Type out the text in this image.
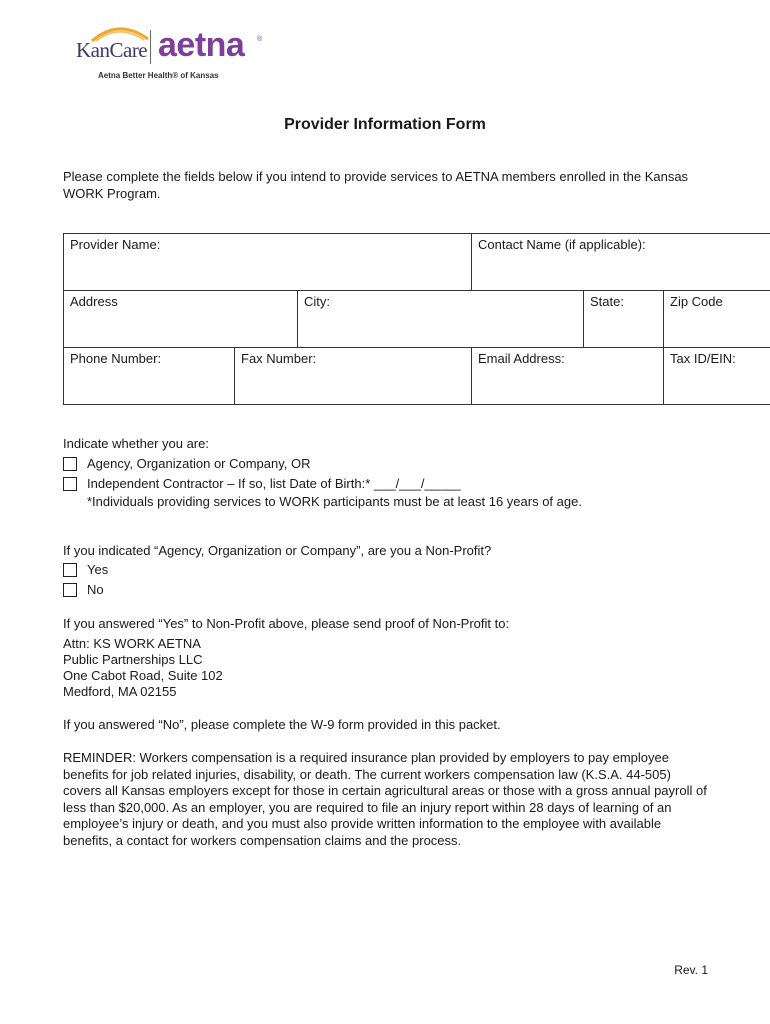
KanCare aetna ®
Aetna Better Health® of Kansas
Provider Information Form
Please complete the fields below if you intend to provide services to AETNA members enrolled in the Kansas WORK Program.
Provider Name:			Contact Name (if applicable):		
Address		City:		State:	Zip Code
Phone Number:	Fax Number:		Email Address:		Tax ID/EIN:
Indicate whether you are:
Agency, Organization or Company, OR
Independent Contractor – If so, list Date of Birth:* ___/___/_____
*Individuals providing services to WORK participants must be at least 16 years of age.
If you indicated “Agency, Organization or Company”, are you a Non-Profit?
Yes
No
If you answered “Yes” to Non-Profit above, please send proof of Non-Profit to:
Attn: KS WORK AETNA
Public Partnerships LLC
One Cabot Road, Suite 102
Medford, MA 02155
If you answered “No”, please complete the W-9 form provided in this packet.
REMINDER: Workers compensation is a required insurance plan provided by employers to pay employee benefits for job related injuries, disability, or death. The current workers compensation law (K.S.A. 44-505) covers all Kansas employers except for those in certain agricultural areas or those with a gross annual payroll of less than $20,000. As an employer, you are required to file an injury report within 28 days of learning of an employee’s injury or death, and you must also provide written information to the employee with available benefits, a contact for workers compensation claims and the process.
Rev. 1
